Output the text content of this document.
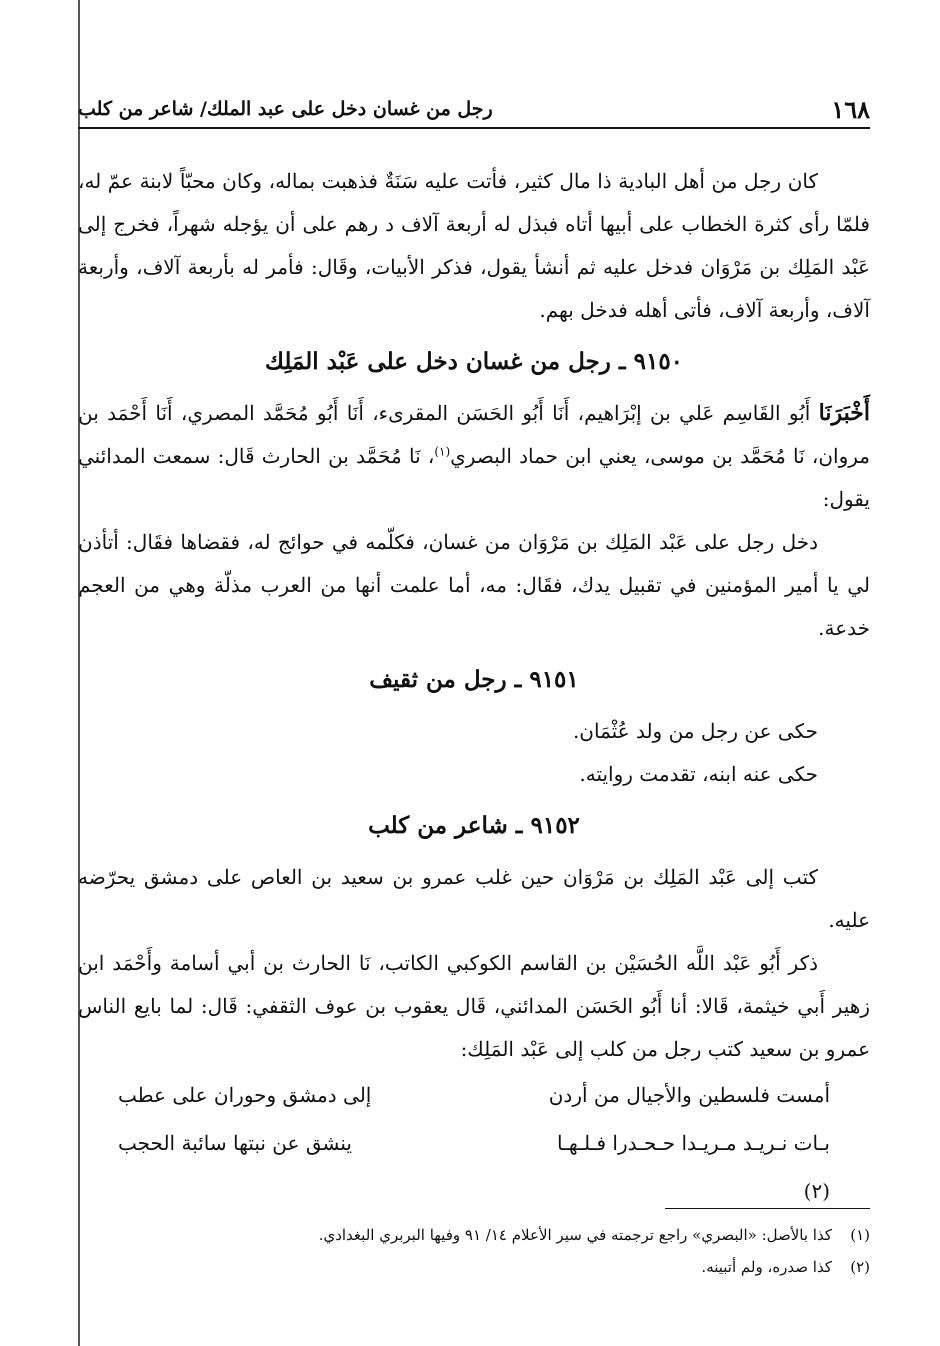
١٦٨
رجل من غسان دخل على عبد الملك/ شاعر من كلب

كان رجل من أهل البادية ذا مال كثير، فأتت عليه سَنَةٌ فذهبت بماله، وكان محبّاً لابنة عمّ له، فلمّا رأى كثرة الخطاب على أبيها أتاه فبذل له أربعة آلاف د رهم على أن يؤجله شهراً، فخرج إلى عَبْد المَلِك بن مَرْوَان فدخل عليه ثم أنشأ يقول، فذكر الأبيات، وقَال: فأمر له بأربعة آلاف، وأربعة آلاف، وأربعة آلاف، فأتى أهله فدخل بهم.

٩١٥٠ ـ رجل من غسان دخل على عَبْد المَلِك

أَخْبَرَنَا أَبُو القَاسِم عَلي بن إبْرَاهيم، أَنَا أَبُو الحَسَن المقرىء، أَنَا أَبُو مُحَمَّد المصري، أَنَا أَحْمَد بن مروان، نَا مُحَمَّد بن موسى، يعني ابن حماد البصري$^{(١)}$، نَا مُحَمَّد بن الحارث قَال: سمعت المدائني يقول:

دخل رجل على عَبْد المَلِك بن مَرْوَان من غسان، فكلّمه في حوائج له، فقضاها فقَال: أتأذن لي يا أمير المؤمنين في تقبيل يدك، فقَال: مه، أما علمت أنها من العرب مذلّة وهي من العجم خدعة.

٩١٥١ ـ رجل من ثقيف

حكى عن رجل من ولد عُثْمَان.

حكى عنه ابنه، تقدمت روايته.

٩١٥٢ ـ شاعر من كلب

كتب إلى عَبْد المَلِك بن مَرْوَان حين غلب عمرو بن سعيد بن العاص على دمشق يحرّضه عليه.

ذكر أَبُو عَبْد اللَّه الحُسَيْن بن القاسم الكوكبي الكاتب، نَا الحارث بن أبي أسامة وأَحْمَد ابن زهير أَبي خيثمة، قَالا: أنا أَبُو الحَسَن المدائني، قَال يعقوب بن عوف الثقفي: قَال: لما بايع الناس عمرو بن سعيد كتب رجل من كلب إلى عَبْد المَلِك:

أمست فلسطين والأجيال من أردن
إلى دمشق وحوران على عطب
بـات نـريـد مـريـدا حـحـدرا فـلـهـا
(٢)
ينشق عن نبتها سائبة الحجب
(١)كذا بالأصل: «البصري» راجع ترجمته في سير الأعلام ١٤/ ٩١ وفيها البربري البغدادي.
(٢)كذا صدره، ولم أتبينه.
